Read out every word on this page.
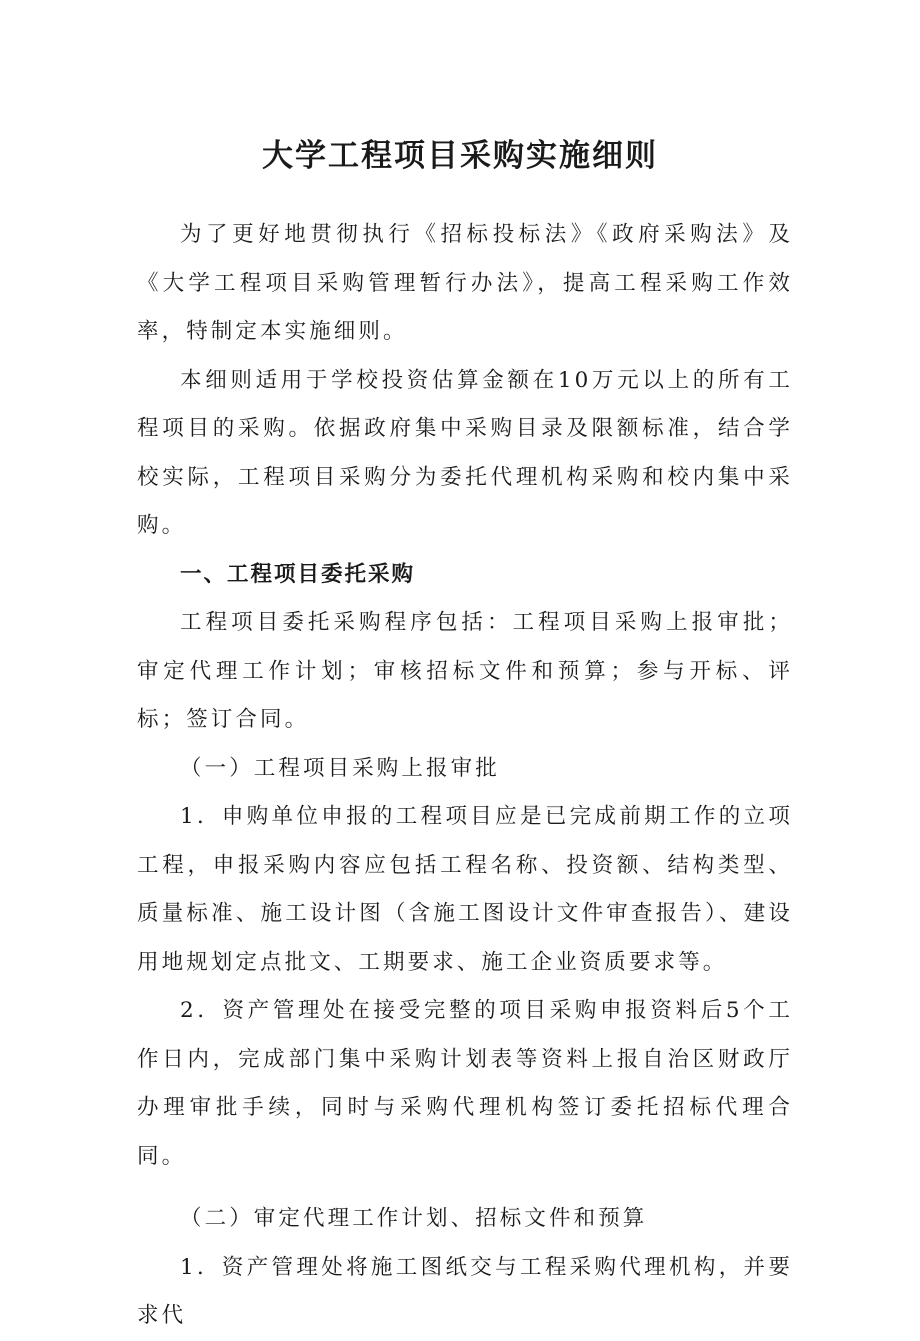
大学工程项目采购实施细则

为了更好地贯彻执行《招标投标法》《政府采购法》及《大学工程项目采购管理暂行办法》，提高工程采购工作效率，特制定本实施细则。

本细则适用于学校投资估算金额在10万元以上的所有工程项目的采购。依据政府集中采购目录及限额标准，结合学校实际，工程项目采购分为委托代理机构采购和校内集中采购。

一、工程项目委托采购

工程项目委托采购程序包括：工程项目采购上报审批；审定代理工作计划；审核招标文件和预算；参与开标、评标；签订合同。

（一）工程项目采购上报审批

1．申购单位申报的工程项目应是已完成前期工作的立项工程，申报采购内容应包括工程名称、投资额、结构类型、质量标准、施工设计图（含施工图设计文件审查报告）、建设用地规划定点批文、工期要求、施工企业资质要求等。

2．资产管理处在接受完整的项目采购申报资料后5个工作日内，完成部门集中采购计划表等资料上报自治区财政厅办理审批手续，同时与采购代理机构签订委托招标代理合同。

（二）审定代理工作计划、招标文件和预算

1．资产管理处将施工图纸交与工程采购代理机构，并要求代
